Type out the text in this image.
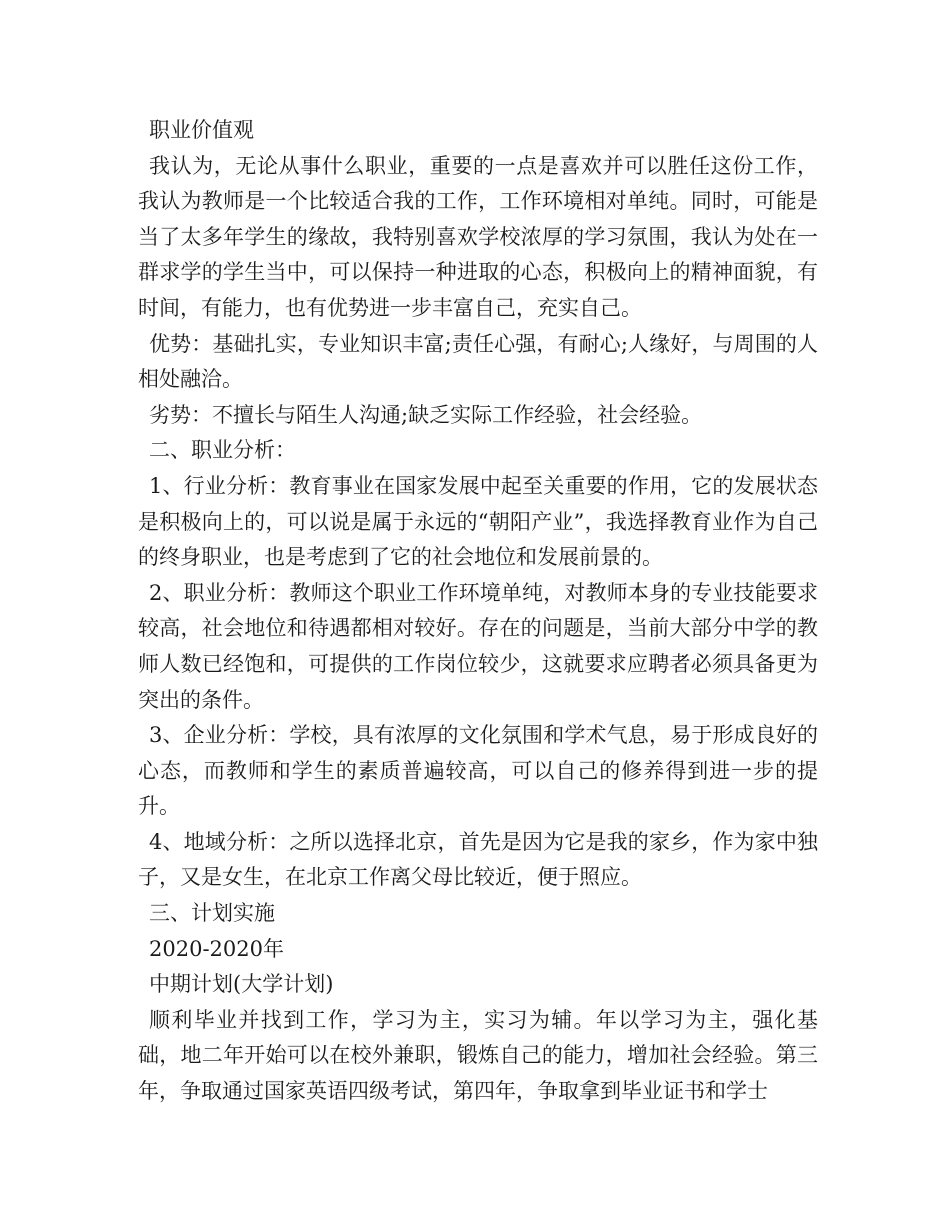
职业价值观

我认为，无论从事什么职业，重要的一点是喜欢并可以胜任这份工作，我认为教师是一个比较适合我的工作，工作环境相对单纯。同时，可能是当了太多年学生的缘故，我特别喜欢学校浓厚的学习氛围，我认为处在一群求学的学生当中，可以保持一种进取的心态，积极向上的精神面貌，有时间，有能力，也有优势进一步丰富自己，充实自己。

优势：基础扎实，专业知识丰富;责任心强，有耐心;人缘好，与周围的人相处融洽。

劣势：不擅长与陌生人沟通;缺乏实际工作经验，社会经验。

二、职业分析：

1、行业分析：教育事业在国家发展中起至关重要的作用，它的发展状态是积极向上的，可以说是属于永远的“朝阳产业”，我选择教育业作为自己的终身职业，也是考虑到了它的社会地位和发展前景的。

2、职业分析：教师这个职业工作环境单纯，对教师本身的专业技能要求较高，社会地位和待遇都相对较好。存在的问题是，当前大部分中学的教师人数已经饱和，可提供的工作岗位较少，这就要求应聘者必须具备更为突出的条件。

3、企业分析：学校，具有浓厚的文化氛围和学术气息，易于形成良好的心态，而教师和学生的素质普遍较高，可以自己的修养得到进一步的提升。

4、地域分析：之所以选择北京，首先是因为它是我的家乡，作为家中独子，又是女生，在北京工作离父母比较近，便于照应。

三、计划实施

2020-2020年

中期计划(大学计划)

顺利毕业并找到工作，学习为主，实习为辅。年以学习为主，强化基础，地二年开始可以在校外兼职，锻炼自己的能力，增加社会经验。第三年，争取通过国家英语四级考试，第四年，争取拿到毕业证书和学士
